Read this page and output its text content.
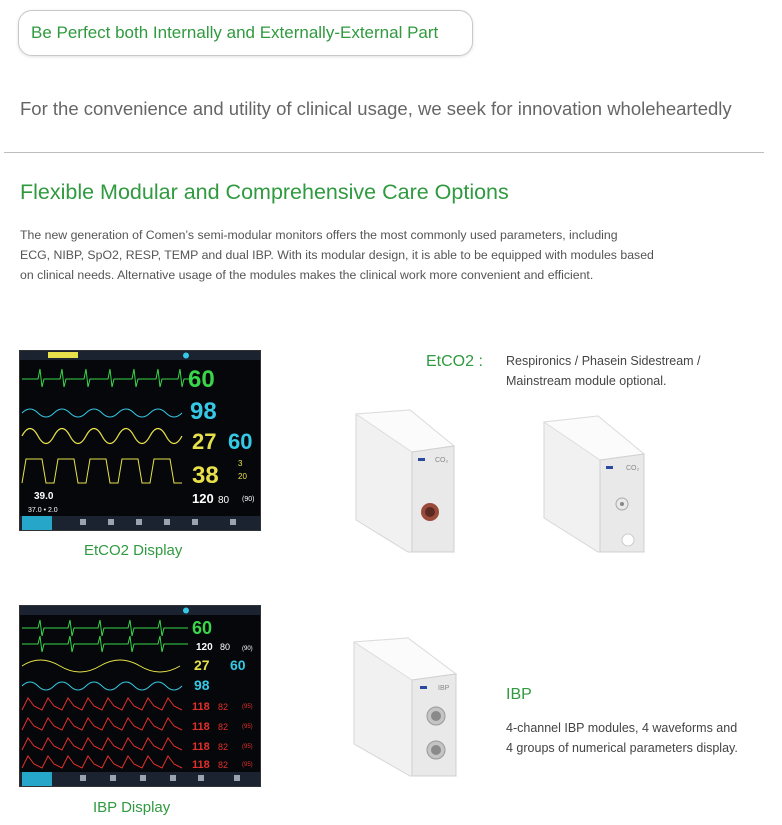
Be Perfect both Internally and Externally-External Part
For the convenience and utility of clinical usage, we seek for innovation wholeheartedly
Flexible Modular and Comprehensive Care Options

The new generation of Comen’s semi-modular monitors offers the most commonly used parameters, including

ECG, NIBP, SpO2, RESP, TEMP and dual IBP. With its modular design, it is able to be equipped with modules based

on clinical needs. Alternative usage of the modules makes the clinical work more convenient and efficient.

60
98
27 60
38 3
20
39.0
37.0 • 2.0
120 80 (90)
EtCO2 Display
EtCO2 : Respironics / Phasein Sidestream /

Mainstream module optional.

CO₂
CO₂
60
120 80 (90)
27 60
98
118
118
118
118
82
82
82
82
(95)
(95)
(95)
(95)
IBP Display
IBP	IBP

4-channel IBP modules, 4 waveforms and

4 groups of numerical parameters display.
